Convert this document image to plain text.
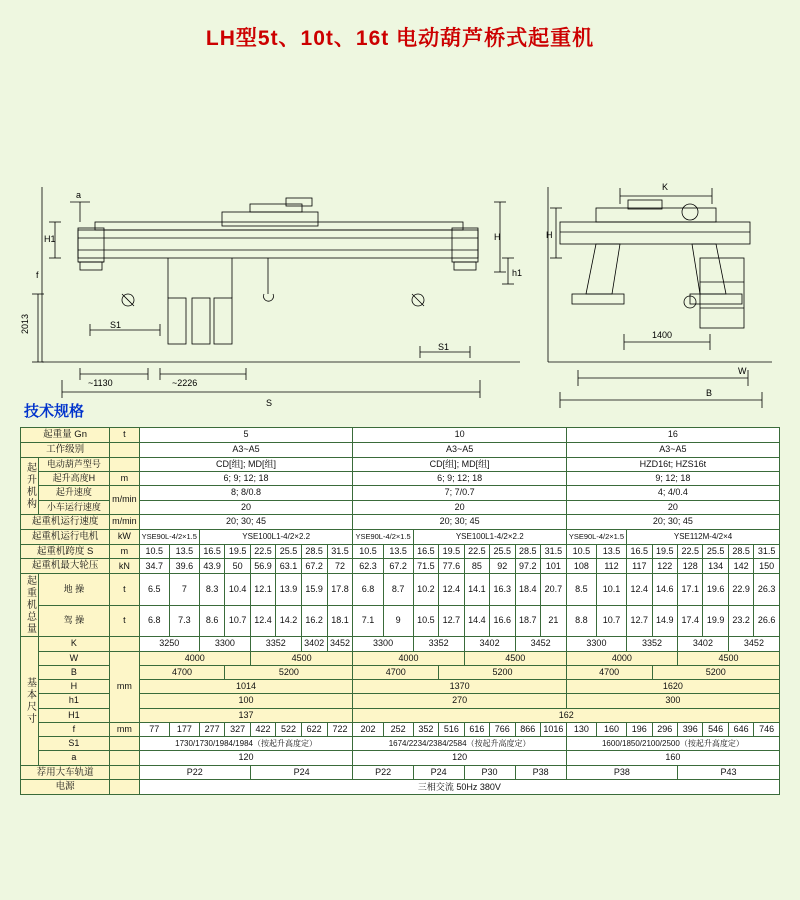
LH型5t、10t、16t 电动葫芦桥式起重机
a
H1
f
2013	S1
~1130	~2226
S
H
h1
S1
K
1400
W
B
H
技术规格
起重量 Gn		t	5								10								16							
工作级别			A3~A5								A3~A5								A3~A5							
起升机构	电动葫芦型号		CD[组]; MD[组]								CD[组]; MD[组]								HZD16t; HZS16t							
	起升高度H	m	6; 9; 12; 18								6; 9; 12; 18								9; 12; 18							
	起升速度	m/min	8; 8/0.8								7; 7/0.7								4; 4/0.4							
	小车运行速度		20								20								20							
起重机运行速度		m/min	20; 30; 45								20; 30; 45								20; 30; 45							
起重机运行电机		kW	YSE90L-4/2×1.5		YSE100L1-4/2×2.2						YSE90L-4/2×1.5		YSE100L1-4/2×2.2						YSE90L-4/2×1.5		YSE112M-4/2×4					
起重机跨度 S		m	10.5	13.5	16.5	19.5	22.5	25.5	28.5	31.5	10.5	13.5	16.5	19.5	22.5	25.5	28.5	31.5	10.5	13.5	16.5	19.5	22.5	25.5	28.5	31.5
起重机最大轮压		kN	34.7	39.6	43.9	50	56.9	63.1	67.2	72	62.3	67.2	71.5	77.6	85	92	97.2	101	108	112	117	122	128	134	142	150
起重机总量	地 操	t	6.5	7	8.3	10.4	12.1	13.9	15.9	17.8	6.8	8.7	10.2	12.4	14.1	16.3	18.4	20.7	8.5	10.1	12.4	14.6	17.1	19.6	22.9	26.3
	驾 操	t	6.8	7.3	8.6	10.7	12.4	14.2	16.2	18.1	7.1	9	10.5	12.7	14.4	16.6	18.7	21	8.8	10.7	12.7	14.9	17.4	19.9	23.2	26.6
基本尺寸	K		3250		3300		3352		3402	3452	3300		3352		3402		3452		3300		3352		3402		3452	
	W	mm	4000				4500				4000				4500				4000				4500			
	B		4700			5200					4700			5200					4700			5200				
	H		1014								1370								1620							
	h1		100								270								300							
	H1		137								162															
	f	mm	77	177	277	327	422	522	622	722	202	252	352	516	616	766	866	1016	130	160	196	296	396	546	646	746
	S1		1730/1730/1984/1984（按起升高度定）								1674/2234/2384/2584（按起升高度定）								1600/1850/2100/2500（按起升高度定）							
	a		120								120								160							
荐用大车轨道			P22				P24				P22		P24		P30		P38		P38				P43			
电源			三相交流 50Hz 380V																							
